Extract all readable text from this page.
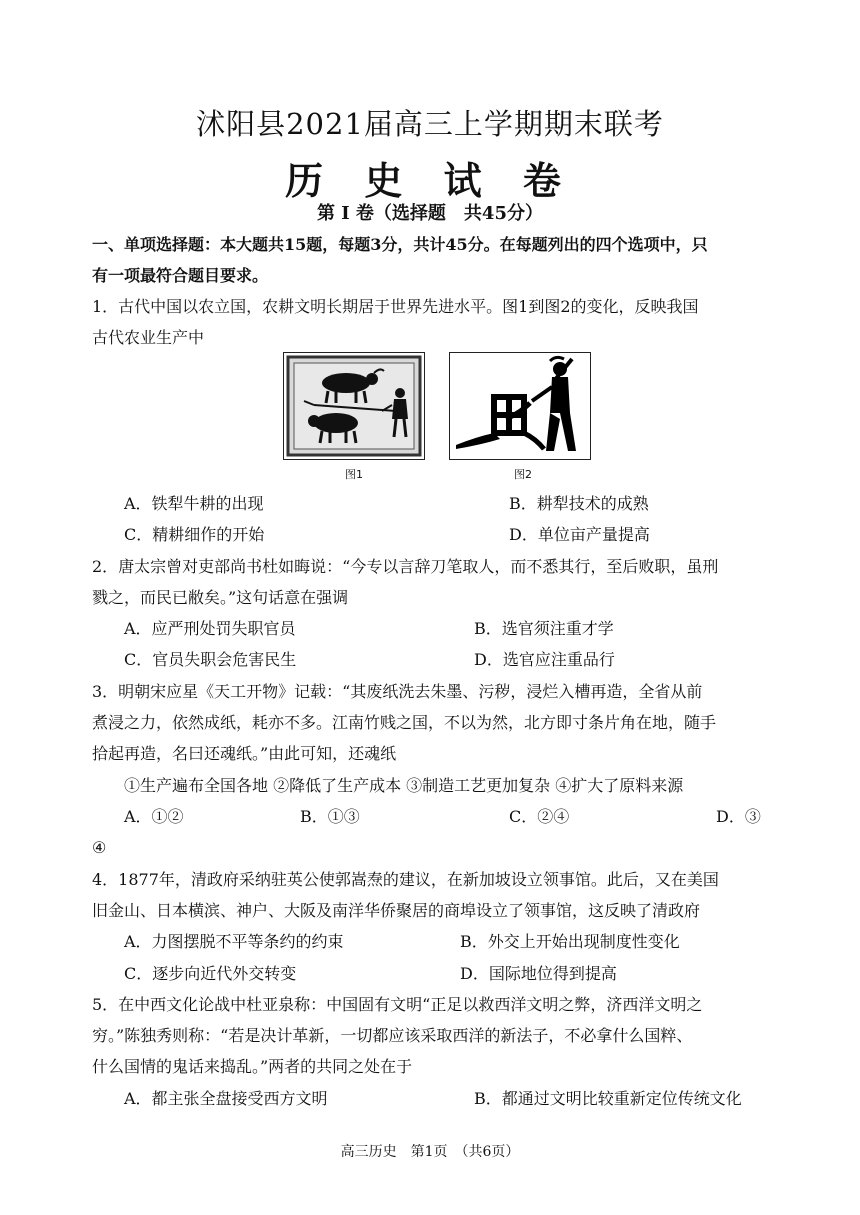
沭阳县2021届高三上学期期末联考
历 史 试 卷
第 Ⅰ 卷（选择题　共45分）
一、单项选择题：本大题共15题，每题3分，共计45分。在每题列出的四个选项中，只
有一项最符合题目要求。
1．古代中国以农立国，农耕文明长期居于世界先进水平。图1到图2的变化，反映我国
古代农业生产中
图1	图2
A．铁犁牛耕的出现	B．耕犁技术的成熟
C．精耕细作的开始	D．单位亩产量提高
2．唐太宗曾对吏部尚书杜如晦说：“今专以言辞刀笔取人，而不悉其行，至后败职，虽刑
戮之，而民已敝矣。”这句话意在强调
A．应严刑处罚失职官员	B．选官须注重才学
C．官员失职会危害民生	D．选官应注重品行
3．明朝宋应星《天工开物》记载：“其废纸洗去朱墨、污秽，浸烂入槽再造，全省从前
煮浸之力，依然成纸，耗亦不多。江南竹贱之国，不以为然，北方即寸条片角在地，随手
拾起再造，名曰还魂纸。”由此可知，还魂纸
①生产遍布全国各地 ②降低了生产成本 ③制造工艺更加复杂 ④扩大了原料来源
A．①②	B．①③	C．②④	D．③
④
4．1877年，清政府采纳驻英公使郭嵩焘的建议，在新加坡设立领事馆。此后，又在美国
旧金山、日本横滨、神户、大阪及南洋华侨聚居的商埠设立了领事馆，这反映了清政府
A．力图摆脱不平等条约的约束	B．外交上开始出现制度性变化
C．逐步向近代外交转变	D．国际地位得到提高
5．在中西文化论战中杜亚泉称：中国固有文明“正足以救西洋文明之弊，济西洋文明之
穷。”陈独秀则称：“若是决计革新，一切都应该采取西洋的新法子，不必拿什么国粹、
什么国情的鬼话来捣乱。”两者的共同之处在于
A．都主张全盘接受西方文明	B．都通过文明比较重新定位传统文化
高三历史　第1页　（共6页）
